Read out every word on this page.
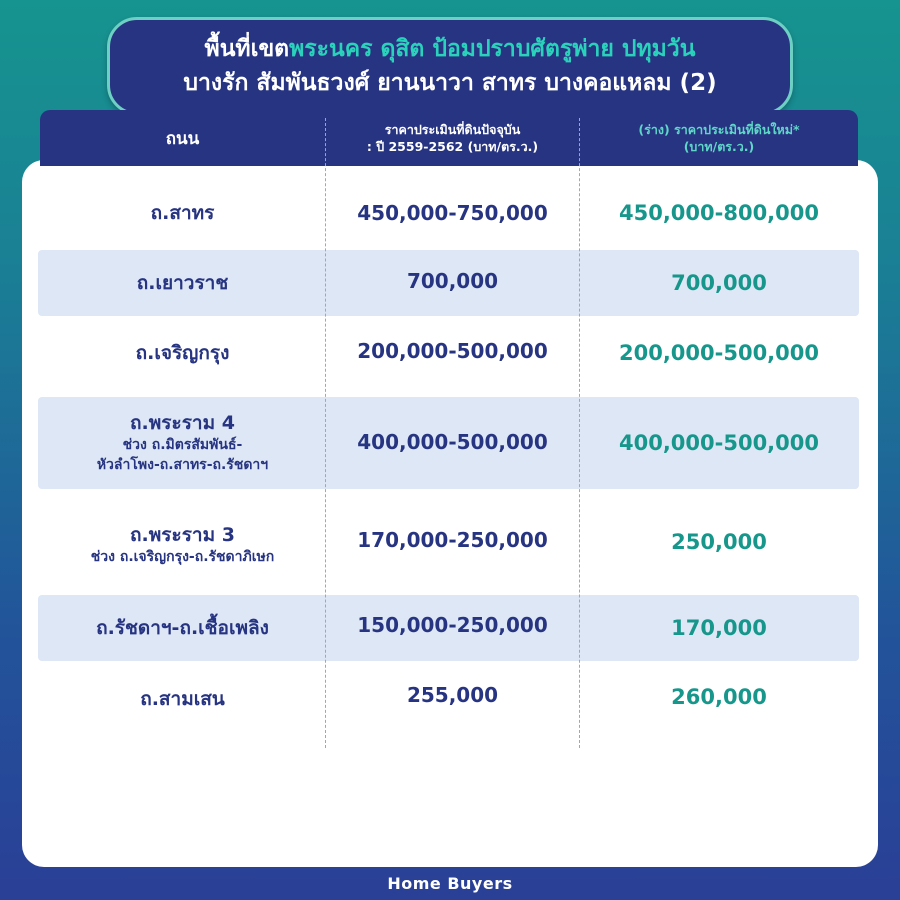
พื้นที่เขตพระนคร ดุสิต ป้อมปราบศัตรูพ่าย ปทุมวัน
บางรัก สัมพันธวงศ์ ยานนาวา สาทร บางคอแหลม (2)
ถนน	ราคาประเมินที่ดินปัจจุบัน
: ปี 2559-2562 (บาท/ตร.ว.)
(ร่าง) ราคาประเมินที่ดินใหม่*
(บาท/ตร.ว.)
ถ.สาทร	450,000-750,000	450,000-800,000
ถ.เยาวราช	700,000	700,000
ถ.เจริญกรุง	200,000-500,000	200,000-500,000
ถ.พระราม 4
ช่วง ถ.มิตรสัมพันธ์-
หัวลำโพง-ถ.สาทร-ถ.รัชดาฯ
400,000-500,000	400,000-500,000
ถ.พระราม 3
ช่วง ถ.เจริญกรุง-ถ.รัชดาภิเษก
170,000-250,000	250,000
ถ.รัชดาฯ-ถ.เชื้อเพลิง	150,000-250,000	170,000
ถ.สามเสน	255,000	260,000
Home Buyers
